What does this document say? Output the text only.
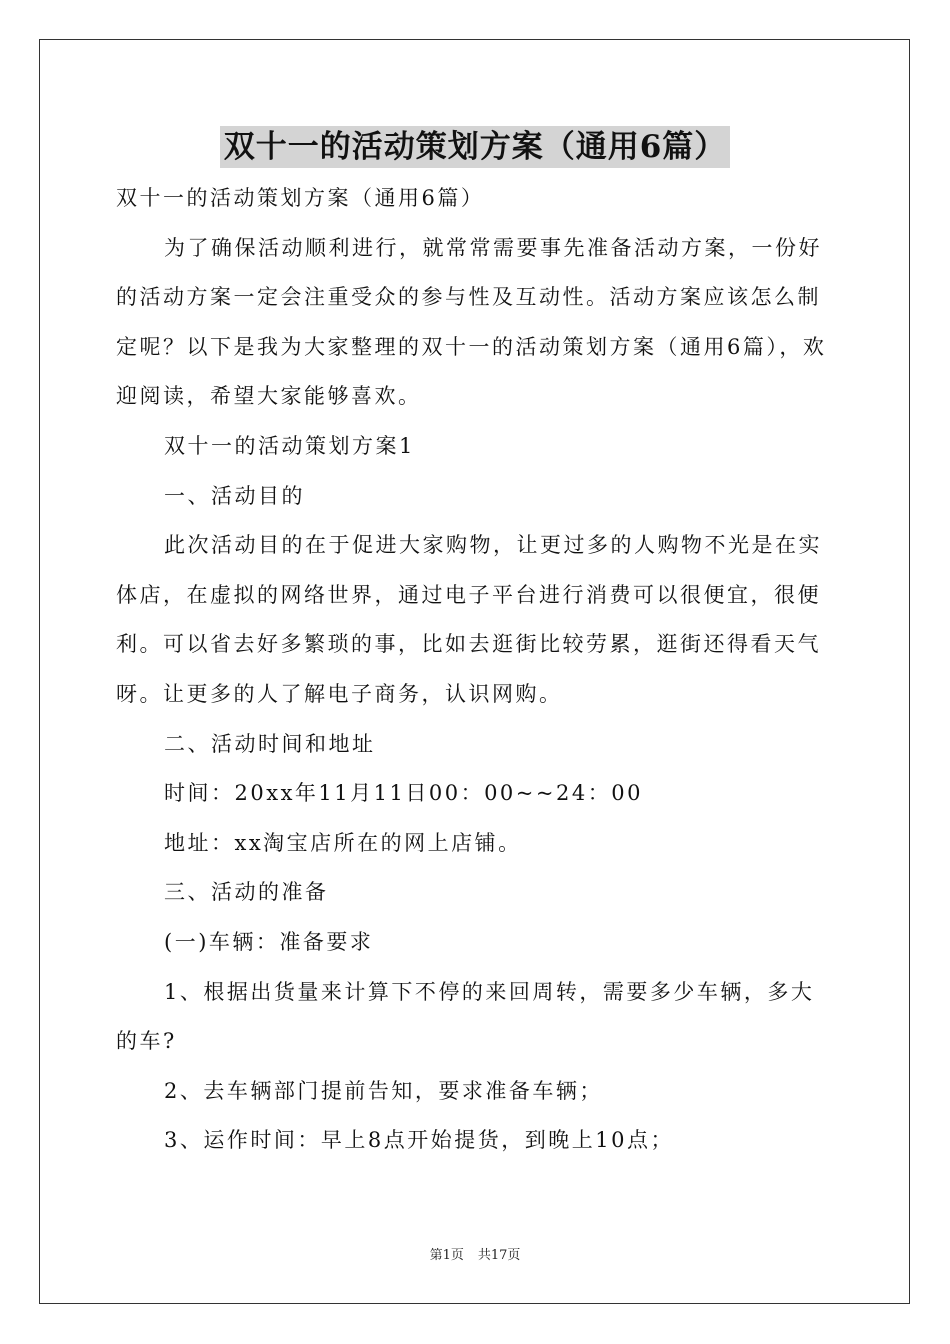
双十一的活动策划方案（通用6篇）

双十一的活动策划方案（通用6篇）

为了确保活动顺利进行，就常常需要事先准备活动方案，一份好的活动方案一定会注重受众的参与性及互动性。活动方案应该怎么制定呢？以下是我为大家整理的双十一的活动策划方案（通用6篇），欢迎阅读，希望大家能够喜欢。

双十一的活动策划方案1

一、活动目的

此次活动目的在于促进大家购物，让更过多的人购物不光是在实体店，在虚拟的网络世界，通过电子平台进行消费可以很便宜，很便利。可以省去好多繁琐的事，比如去逛街比较劳累，逛街还得看天气呀。让更多的人了解电子商务，认识网购。

二、活动时间和地址

时间：20xx年11月11日00：00~~24：00

地址：xx淘宝店所在的网上店铺。

三、活动的准备

(一)车辆：准备要求

1、根据出货量来计算下不停的来回周转，需要多少车辆，多大的车?

2、去车辆部门提前告知，要求准备车辆；

3、运作时间：早上8点开始提货，到晚上10点；

第1页 共17页
